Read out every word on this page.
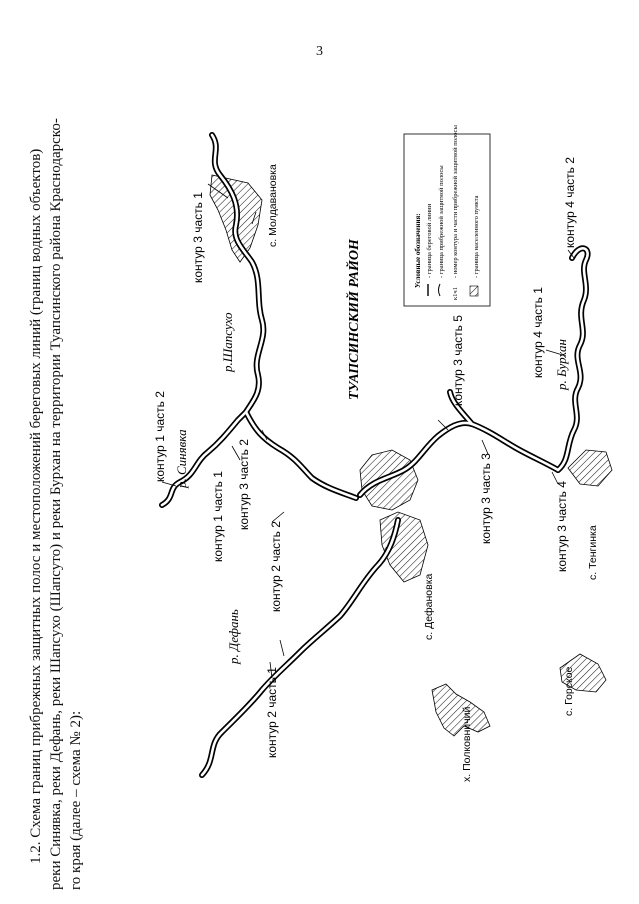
3

1.2. Схема границ прибрежных защитных полос и местоположений береговых линий (границ водных объектов) реки Синявка, реки Дефань, реки Шапсухо (Шапсуто) и реки Бурхан на территории Туапсинского района Краснодарско- го края (далее – схема № 2):

контур 3 часть 1	с. Молдавановка
р.Шапсухо	ТУАПСИНСКИЙ РАЙОН
контур 1 часть 2 р. Синявка
контур 1 часть 1 контур 3 часть 2
контур 2 часть 2
р. Дефань
контур 2 часть 1
контур 3 часть 5
контур 3 часть 3
с. Дефановка
х. Полковничий
контур 4 часть 1 р. Бурхан
контур 4 часть 2
контур 3 часть 4 с. Тенгинка
с. Горское
Условные обозначения: - граница береговой линии - граница прибрежной защитной полосы
к1ч1
- номер контура и части прибрежной защитной полосы - граница населенного пункта
